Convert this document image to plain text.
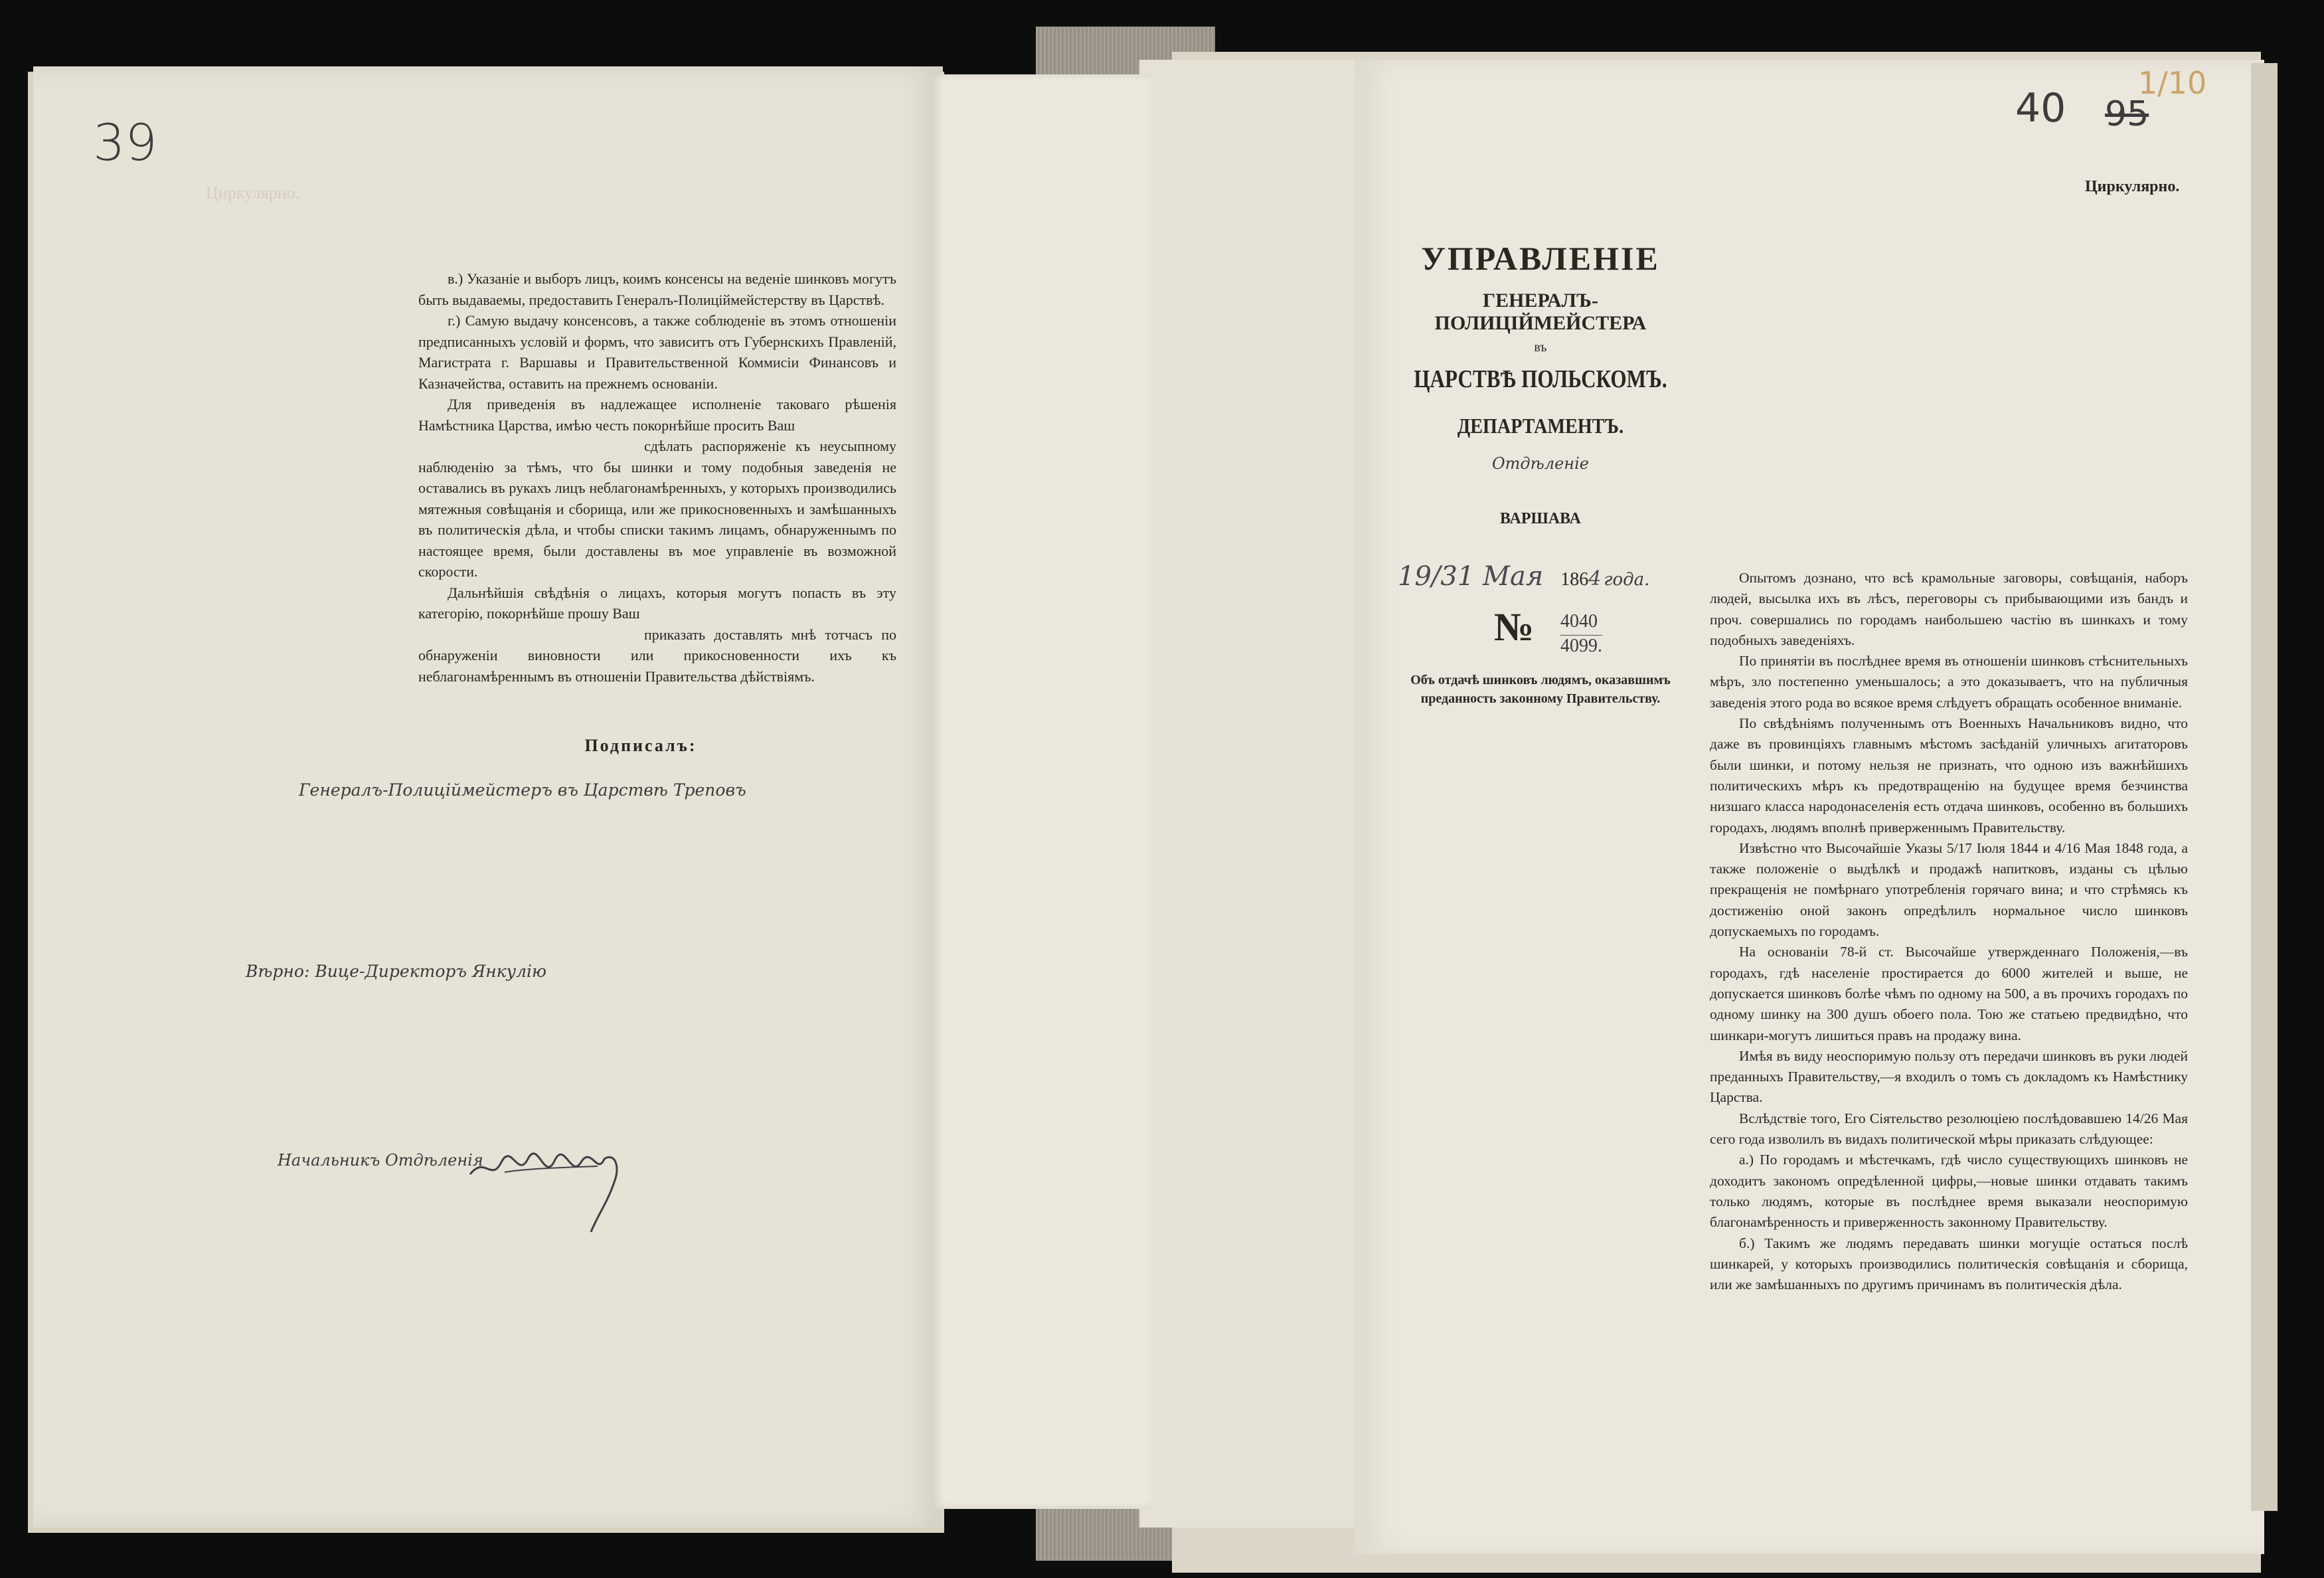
39
Циркулярно.

в.) Указаніе и выборъ лицъ, коимъ консенсы на веденіе шинковъ могутъ быть выдаваемы, предоставить Генералъ-Полиціймейстерству въ Царствѣ.

г.) Самую выдачу консенсовъ, а также соблюденіе въ этомъ отношеніи предписанныхъ условій и формъ, что зависитъ отъ Губернскихъ Правленій, Магистрата г. Варшавы и Правительственной Коммисіи Финансовъ и Казначейства, оставить на прежнемъ основаніи.

Для приведенія въ надлежащее исполненіе таковаго рѣшенія Намѣстника Царства, имѣю честь покорнѣйше просить Ваш

сдѣлать распоряженіе къ неусыпному наблюденію за тѣмъ, что бы шинки и тому подобныя заведенія не оставались въ рукахъ лицъ неблагонамѣренныхъ, у которыхъ производились мятежныя совѣщанія и сборища, или же прикосновенныхъ и замѣшанныхъ въ политическія дѣла, и чтобы списки такимъ лицамъ, обнаруженнымъ по настоящее время, были доставлены въ мое управленіе въ возможной скорости.

Дальнѣйшія свѣдѣнія о лицахъ, которыя могутъ попасть въ эту категорію, покорнѣйше прошу Ваш

приказать доставлять мнѣ тотчасъ по обнаруженіи виновности или прикосновенности ихъ къ неблагонамѣреннымъ въ отношеніи Правительства дѣйствіямъ.

Подписалъ:
Генералъ-Полиціймейстеръ въ Царствѣ Треповъ
Вѣрно: Вице-Директоръ Янкулію
Начальникъ Отдѣленія
40
1/10
95
Циркулярно.
УПРАВЛЕНІЕ
ГЕНЕРАЛЪ-ПОЛИЦІЙМЕЙСТЕРА
въ
ЦАРСТВѢ ПОЛЬСКОМЪ.
ДЕПАРТАМЕНТЪ.
Отдѣленіе
ВАРШАВА
19/31 Мая 1864 года.
№ 4040
4099.
Объ отдачѣ шинковъ людямъ, оказавшимъ преданность законному Правительству.

Опытомъ дознано, что всѣ крамольные заговоры, совѣщанія, наборъ людей, высылка ихъ въ лѣсъ, переговоры съ прибывающими изъ бандъ и проч. совершались по городамъ наибольшею частію въ шинкахъ и тому подобныхъ заведеніяхъ.

По принятіи въ послѣднее время въ отношеніи шинковъ стѣснительныхъ мѣръ, зло постепенно уменьшалось; а это доказываетъ, что на публичныя заведенія этого рода во всякое время слѣдуетъ обращать особенное вниманіе.

По свѣдѣніямъ полученнымъ отъ Военныхъ Начальниковъ видно, что даже въ провинціяхъ главнымъ мѣстомъ засѣданій уличныхъ агитаторовъ были шинки, и потому нельзя не признать, что одною изъ важнѣйшихъ политическихъ мѣръ къ предотвращенію на будущее время безчинства низшаго класса народонаселенія есть отдача шинковъ, особенно въ большихъ городахъ, людямъ вполнѣ приверженнымъ Правительству.

Извѣстно что Высочайшіе Указы 5/17 Іюля 1844 и 4/16 Мая 1848 года, а также положеніе о выдѣлкѣ и продажѣ напитковъ, изданы съ цѣлью прекращенія не помѣрнаго употребленія горячаго вина; и что стрѣмясь къ достиженію оной законъ опредѣлилъ нормальное число шинковъ допускаемыхъ по городамъ.

На основаніи 78-й ст. Высочайше утвержденнаго Положенія,—въ городахъ, гдѣ населеніе простирается до 6000 жителей и выше, не допускается шинковъ болѣе чѣмъ по одному на 500, а въ прочихъ городахъ по одному шинку на 300 душъ обоего пола. Тою же статьею предвидѣно, что шинкари-могутъ лишиться правъ на продажу вина.

Имѣя въ виду неоспоримую пользу отъ передачи шинковъ въ руки людей преданныхъ Правительству,—я входилъ о томъ съ докладомъ къ Намѣстнику Царства.

Вслѣдствіе того, Его Сіятельство резолюціею послѣдовавшею 14/26 Мая сего года изволилъ въ видахъ политической мѣры приказать слѣдующее:

а.) По городамъ и мѣстечкамъ, гдѣ число существующихъ шинковъ не доходитъ закономъ опредѣленной цифры,—новые шинки отдавать такимъ только людямъ, которые въ послѣднее время выказали неоспоримую благонамѣренность и приверженность законному Правительству.

б.) Такимъ же людямъ передавать шинки могущіе остаться послѣ шинкарей, у которыхъ производились политическія совѣщанія и сборища, или же замѣшанныхъ по другимъ причинамъ въ политическія дѣла.
